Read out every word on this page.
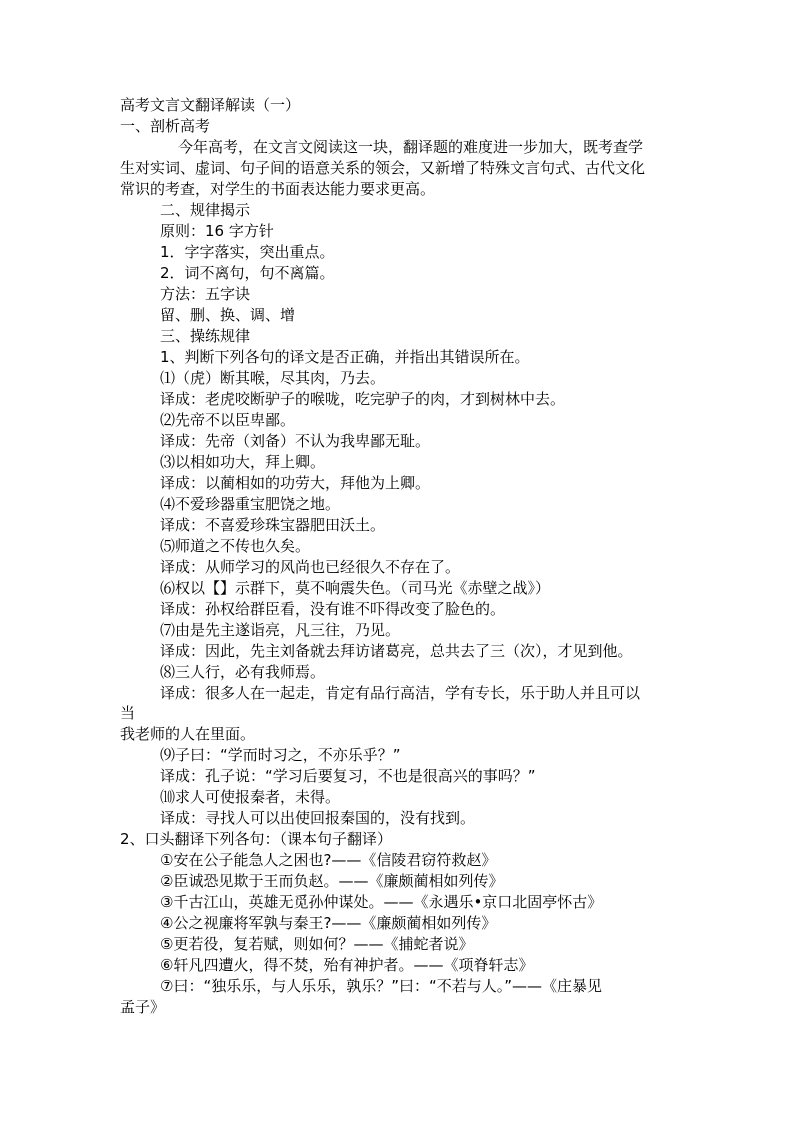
高考文言文翻译解读（一）
一、剖析高考
今年高考，在文言文阅读这一块，翻译题的难度进一步加大，既考查学
生对实词、虚词、句子间的语意关系的领会，又新增了特殊文言句式、古代文化
常识的考查，对学生的书面表达能力要求更高。
二、规律揭示
原则：16 字方针
1．字字落实，突出重点。
2．词不离句，句不离篇。
方法：五字诀
留、删、换、调、增
三、操练规律
1、判断下列各句的译文是否正确，并指出其错误所在。
⑴（虎）断其喉，尽其肉，乃去。
译成：老虎咬断驴子的喉咙，吃完驴子的肉，才到树林中去。
⑵先帝不以臣卑鄙。
译成：先帝（刘备）不认为我卑鄙无耻。
⑶以相如功大，拜上卿。
译成：以蔺相如的功劳大，拜他为上卿。
⑷不爱珍器重宝肥饶之地。
译成：不喜爱珍珠宝器肥田沃土。
⑸师道之不传也久矣。
译成：从师学习的风尚也已经很久不存在了。
⑹权以【】示群下，莫不响震失色。（司马光《赤壁之战》）
译成：孙权给群臣看，没有谁不吓得改变了脸色的。
⑺由是先主遂诣亮，凡三往，乃见。
译成：因此，先主刘备就去拜访诸葛亮，总共去了三（次），才见到他。
⑻三人行，必有我师焉。
译成：很多人在一起走，肯定有品行高洁，学有专长，乐于助人并且可以
当
我老师的人在里面。
⑼子曰：“学而时习之，不亦乐乎？”
译成：孔子说：“学习后要复习，不也是很高兴的事吗？”
⑽求人可使报秦者，未得。
译成：寻找人可以出使回报秦国的，没有找到。
2、口头翻译下列各句：（课本句子翻译）
①安在公子能急人之困也?——《信陵君窃符救赵》
②臣诚恐见欺于王而负赵。——《廉颇蔺相如列传》
③千古江山，英雄无觅孙仲谋处。——《永遇乐•京口北固亭怀古》
④公之视廉将军孰与秦王?——《廉颇蔺相如列传》
⑤更若役，复若赋，则如何？——《捕蛇者说》
⑥轩凡四遭火，得不焚，殆有神护者。——《项脊轩志》
⑦曰：“独乐乐，与人乐乐，孰乐？”曰：“不若与人。”——《庄暴见
孟子》
